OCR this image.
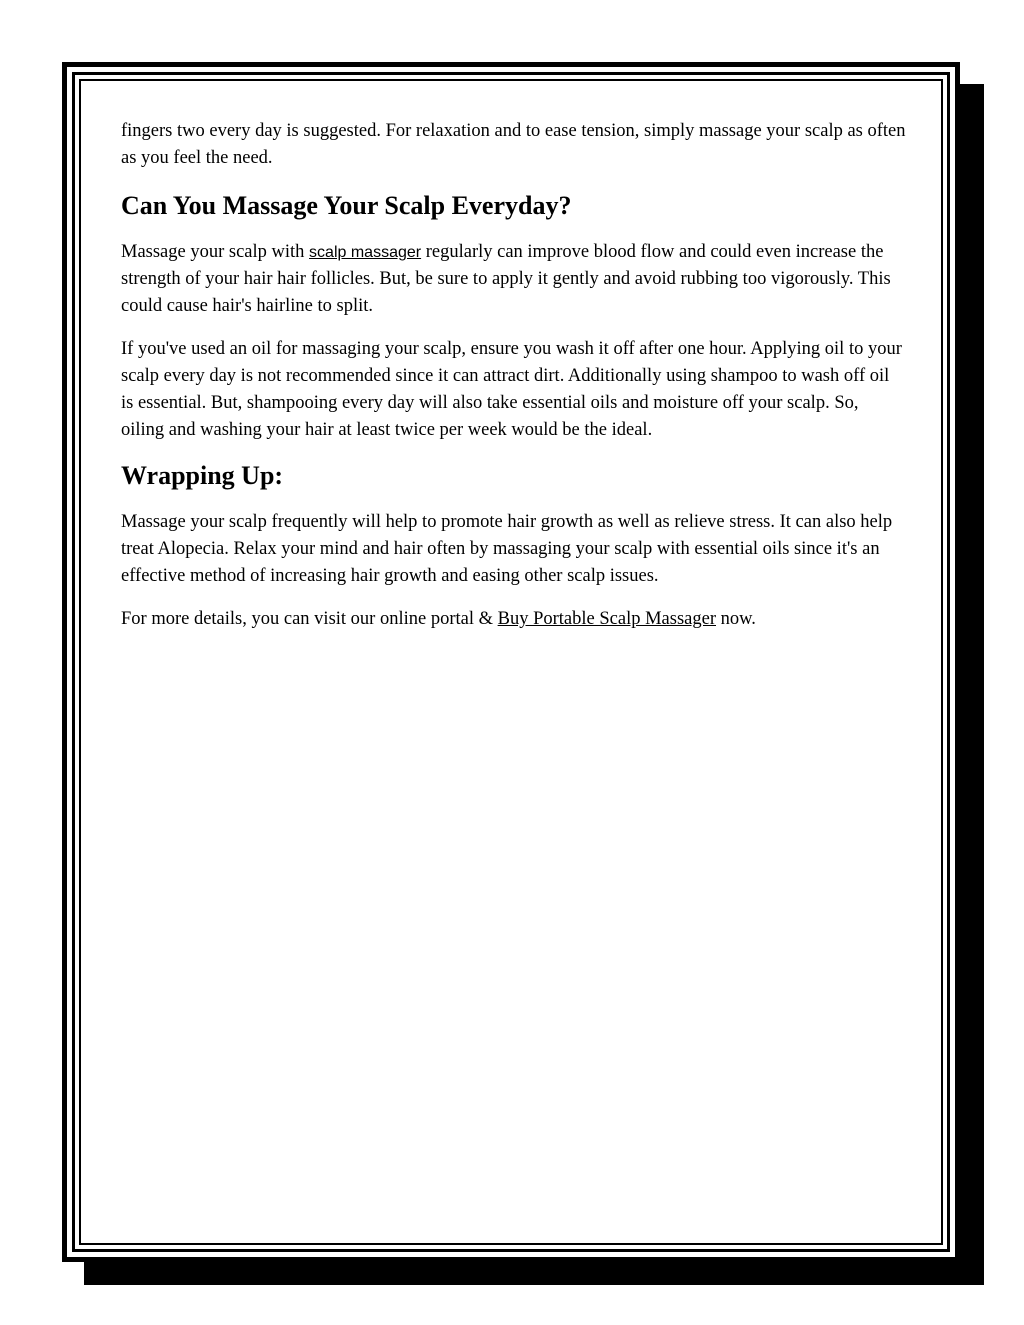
fingers two every day is suggested. For relaxation and to ease tension, simply massage your scalp as often as you feel the need.

Can You Massage Your Scalp Everyday?

Massage your scalp with scalp massager regularly can improve blood flow and could even increase the strength of your hair hair follicles. But, be sure to apply it gently and avoid rubbing too vigorously. This could cause hair's hairline to split.

If you've used an oil for massaging your scalp, ensure you wash it off after one hour. Applying oil to your scalp every day is not recommended since it can attract dirt. Additionally using shampoo to wash off oil is essential. But, shampooing every day will also take essential oils and moisture off your scalp. So, oiling and washing your hair at least twice per week would be the ideal.

Wrapping Up:

Massage your scalp frequently will help to promote hair growth as well as relieve stress. It can also help treat Alopecia. Relax your mind and hair often by massaging your scalp with essential oils since it's an effective method of increasing hair growth and easing other scalp issues.

For more details, you can visit our online portal & Buy Portable Scalp Massager now.
